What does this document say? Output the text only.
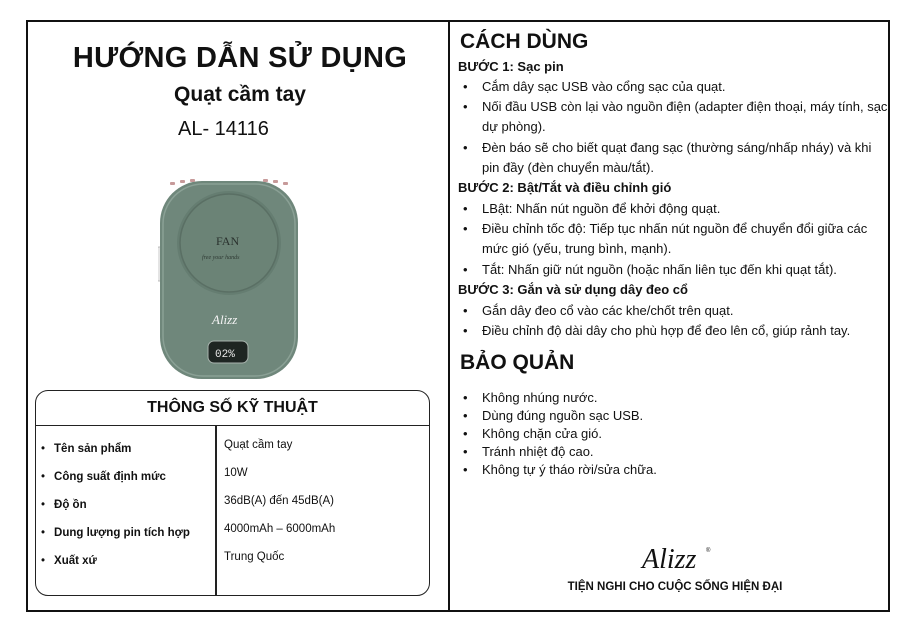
HƯỚNG DẪN SỬ DỤNG
Quạt cầm tay
AL- 14116
FAN
free your hands
Alizz
02%
THÔNG SỐ KỸ THUẬT
• Tên sản phẩm	Quạt cầm tay
• Công suất định mức	10W
• Độ ồn	36dB(A) đến 45dB(A)
• Dung lượng pin tích hợp	4000mAh – 6000mAh
• Xuất xứ	Trung Quốc
CÁCH DÙNG
BƯỚC 1: Sạc pin
•	Cắm dây sạc USB vào cổng sạc của quạt.
•	Nối đầu USB còn lại vào nguồn điện (adapter điện thoại, máy tính, sạc dự phòng).
•	Đèn báo sẽ cho biết quạt đang sạc (thường sáng/nhấp nháy) và khi pin đầy (đèn chuyển màu/tắt).
BƯỚC 2: Bật/Tắt và điều chỉnh gió
•	LBật: Nhấn nút nguồn để khởi động quạt.
•	Điều chỉnh tốc độ: Tiếp tục nhấn nút nguồn để chuyển đổi giữa các mức gió (yếu, trung bình, mạnh).
•	Tắt: Nhấn giữ nút nguồn (hoặc nhấn liên tục đến khi quạt tắt).
BƯỚC 3: Gắn và sử dụng dây đeo cổ
•	Gắn dây đeo cổ vào các khe/chốt trên quạt.
•	Điều chỉnh độ dài dây cho phù hợp để đeo lên cổ, giúp rảnh tay.
BẢO QUẢN
•	Không nhúng nước.
•	Dùng đúng nguồn sạc USB.
•	Không chặn cửa gió.
•	Tránh nhiệt độ cao.
•	Không tự ý tháo rời/sửa chữa.
Alizz ®
TIỆN NGHI CHO CUỘC SỐNG HIỆN ĐẠI
